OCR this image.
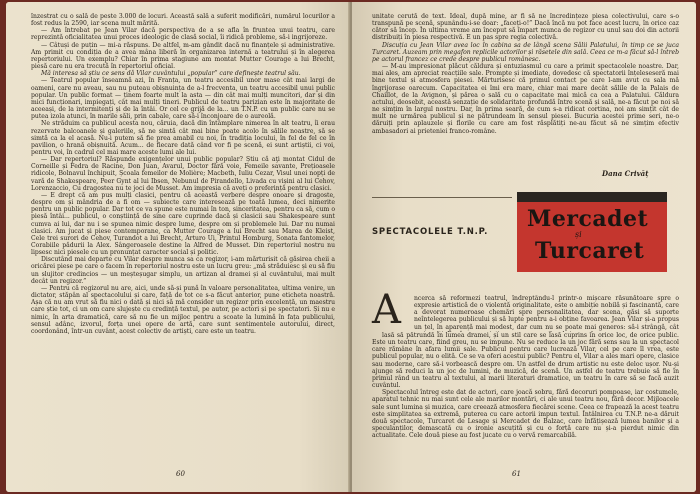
înzestrat cu o sală de peste 3.000 de locuri. Această sală a suferit modificări, numărul locurilor a fost redus la 2590, iar scena mult mărită.

— Am întrebat pe Jean Vilar dacă perspectiva de a se afla în fruntea unui teatru, care reprezintă oficialitatea unui proces ideologic de clasă social, îi ridică probleme, să-i ingrijoreze.

— Câtuși de puțin — mi-a răspuns. De altfel, m-am gândit dacă nu finanțele și administrative. Am primit cu condiția de a avea mâna liberă în organizarea internă a teatrului și în alegerea repertoriului. Un exemplu? Chiar în prima stagiune am montat Mutter Courage a lui Brecht, piesă care nu era trecută în repertoriul oficial.

Mă interesa să știu ce sens dă Vilar cuvântului „popular” care definește teatrul său.

— Teatrul popular înseamnă azi, în Franța, un teatru accesibil unor mase cât mai largi de oameni, care nu aveau, sau nu puteau obișnuința de a-l frecventa, un teatru accesibil unui public popular. Un public format — ținem foarte mult la asta — din cât mai mulți muncitori, dar și din mici funcționari, impiegați, cât mai mulți tineri. Publicul de teatru parizian este în majoritate de aceeași, de la intermitenți și de la întâi. Or cel ce grijă de la... un T.N.P. cu un public care nu se putea izola atunci, în marile săli, prin cabale, care să-i înconjoare de o aureolă.

Ne străduim ca publicul acesta nou, căruia, dacă din întâmplare nimerea în alt teatru, îi erau rezervate balcoanele și galeriile, să ne simtă cât mai bine poate acolo în sălile noastre, să se simtă ca la el acasă. Nu-i putem să fie prea amabil cu noi, în tradiția locului, în fel de fel ce în pavilion, o hrană obișnuită. Acum... de fiecare dată când vor fi pe scenă, ei sunt artiștii, ci voi, pentru voi, în cadrul cel mai mare aceste lumi ale lui.

— Dar repertoriul? Răspunde exigențelor unui public popular? Știu că aţi montat Cidul de Corneille și Fedra de Racine, Don Juan, Avarul, Doctor fără voie, Femeile savante, Prețioasele ridicole, Bolnavul închipuit, Școala femeilor de Molière; Macbeth, Iuliu Cezar, Visul unei nopți de vară de Shakespeare, Peer Gynt al lui Ibsen, Nebunul de Pirandello, Livada cu vișini al lui Cehov, Lorenzaccio, Cu dragostea nu te joci de Musset. Am impresia că aveți o preferință pentru clasici.

— E drept că am pus mulți clasici, pentru că această verbere despre onoare și dragoste, despre om și mândria de a fi om — subiecte care interesează pe toată lumea, deci nimerite pentru un public popular. Dar tot ce va spune este numai în ton, sinceritatea, pentru ca să, cum o piesă întâi... publicul, o conștiință de sine care cuprinde dacă și clasicii sau Shakespeare sunt cumva ai lui, dar nu i se spunea nimic despre lume, despre om și problemele lui. Dar nu numai clasici. Am jucat și piese contemporane, ca Mutter Courage a lui Brecht sau Marea de Kleist, Cele trei surori de Cehov, Turandot a lui Brecht, Arturo Ui, Printul Homburg, Sonata fantomelor, Corabiile pădurii la Alex. Sângeroasele destine la Alfred de Musset. Din repertoriul nostru nu lipsesc nici piesele cu un pronunțat caracter social și politic.

Discutând mai departe cu Vilar despre munca sa ca regizor, i-am mărturisit că găsirea cheii a oricărei piese pe care o facem în repertoriul nostru este un lucru greu: „mă străduiesc și eu să fiu un slujitor credincios — un meșteșugar simplu, un artizan al dramei și al cuvântului, mai mult decât un regizor.”

— Pentru că regizorul nu are, aici, unde să-și pună în valoare personalitatea, ultima venire, un dictator, stăpân al spectacolului și care, față de tot ce s-a făcut anterior, pune eticheta noastră. Așa că nu am vrut să fiu nici o dată și nici să mă consider un regizor prin excelență, un maestru care știe tot, ci un om care slujește cu credință textul, pe autor, pe actori și pe spectatori. Și nu e nimic, în arta dramatică, care să nu fie un mijloc pentru a scoate la lumină în fața publicului, sensul adânc, izvorul, forța unei opere de artă, care sunt sentimentele autorului, direct, coordonând, într-un cuvânt, acest colectiv de artiști, care este un teatru.

60

unitate cerută de text. Ideal, după mine, ar fi să ne încredințeze piesa colectivului, care s-o transpună pe scenă, spunându-i-se doar: „faceți-o!” Dacă încă nu pot face acest lucru, în orice caz cător să încep. În ultima vreme am început să împart munca de regizor cu unul sau doi din actorii distribuiți în piesa respectivă. E un pas spre regia colectivă.

Discuția cu Jean Vilar avea loc în cabina sa de lângă scena Sălii Palatului, în timp ce se juca Turcaret. Auzeam prin megafon replicile actorilor și răsetele din sală. Ceea ce m-a făcut să-l întreb pe actorul francez ce crede despre publicul românesc.

— M-au impresionat plăcut căldura și entuziasmul cu care a primit spectacolele noastre. Dar, mai ales, am apreciat reacțiile sale. Prompte și imediate, dovedesc că spectatorii înțeleseseră mai bine textul și atmosfera piesei. Mărturisesc că primul contact pe care l-am avut cu sala mă îngrijorase oarecum. Capacitatea ei îmi era mare, chiar mai mare decât sălile de la Palais de Chaillot, de la Avignon, și părea o sală cu o capacitate mai mică ca cea a Palatului. Căldura actului, deosebit, această senzație de solidaritate profundă între scenă și sală, ne-a făcut pe noi să ne simțim în largul nostru. Dar, în prima seară, de cum s-a ridicat cortina, noi am simțit cât de mult ne urmărea publicul și ne pătrundeam în sensul piesei. Bucuria acestei prime seri, ne-o dăruiți prin aplauzele și florile cu care am fost răsplătiți ne-au făcut să ne simțim efectiv ambasadori ai prieteniei franco-române.

Dana Crivăț
SPECTACOLELE T.N.P. Mercadet
și
Turcaret
A ncerca să reformezi teatrul, îndreptându-l printr-o mișcare răsunătoare spre o expresie artistică de o violentă originalitate, este o ambiție nobilă și fascinantă, care a devorat numeroase chemări spre personalitatea, dar scena, găsi să suporte neîntelegerea publicului și să lupte pentru a-i obține favoarea. Jean Vilar și-a propus un țel, în aparență mai modest, dar cum nu se poate mai generos: să-i strângă, cât

lasă să pătrundă în lumea dramei, și un stil care se lasă cuprins în orice loc, de orice public. Este un teatru care, fiind greu, nu se impune. Nu se reduce la un joc fără sens sau la un spectacol care rămâne în afara lumii sale. Publicul pentru care lucrează Vilar, cel pe care îl vrea, este publicul popular, nu o elită. Ce se va oferi acestui public? Pentru el, Vilar a ales mari opere, clasice sau moderne, care să-i vorbească despre om. Un astfel de drum artistic nu este deloc ușor. Nu-și ajunge să reduci la un joc de lumini, de muzică, de scenă. Un astfel de teatru trebuie să fie în primul rând un teatru al textului, al marii literaturi dramatice, un teatru în care să se facă auzit cuvântul.

Spectacolul întreg este dat de actori, care joacă sobru, fără decoruri pompoase, iar costumele, aparatul tehnic nu mai sunt cele ale marilor montări, ci ale unui teatru nou, fără decor. Mijloacele sale sunt lumina și muzica, care creează atmosfera fiecărei scene. Ceea ce frapează la acest teatru este simplitatea sa extremă, puterea cu care actorii impun textul. Întâlnirea cu T.N.P. ne-a dăruit două spectacole, Turcaret de Lesage și Mercadet de Balzac, care înfățișează lumea banilor și a speculanților, demascată cu o ironie ascuțită și cu o forță care nu și-a pierdut nimic din actualitate. Cele două piese au fost jucate cu o vervă remarcabilă.

61
